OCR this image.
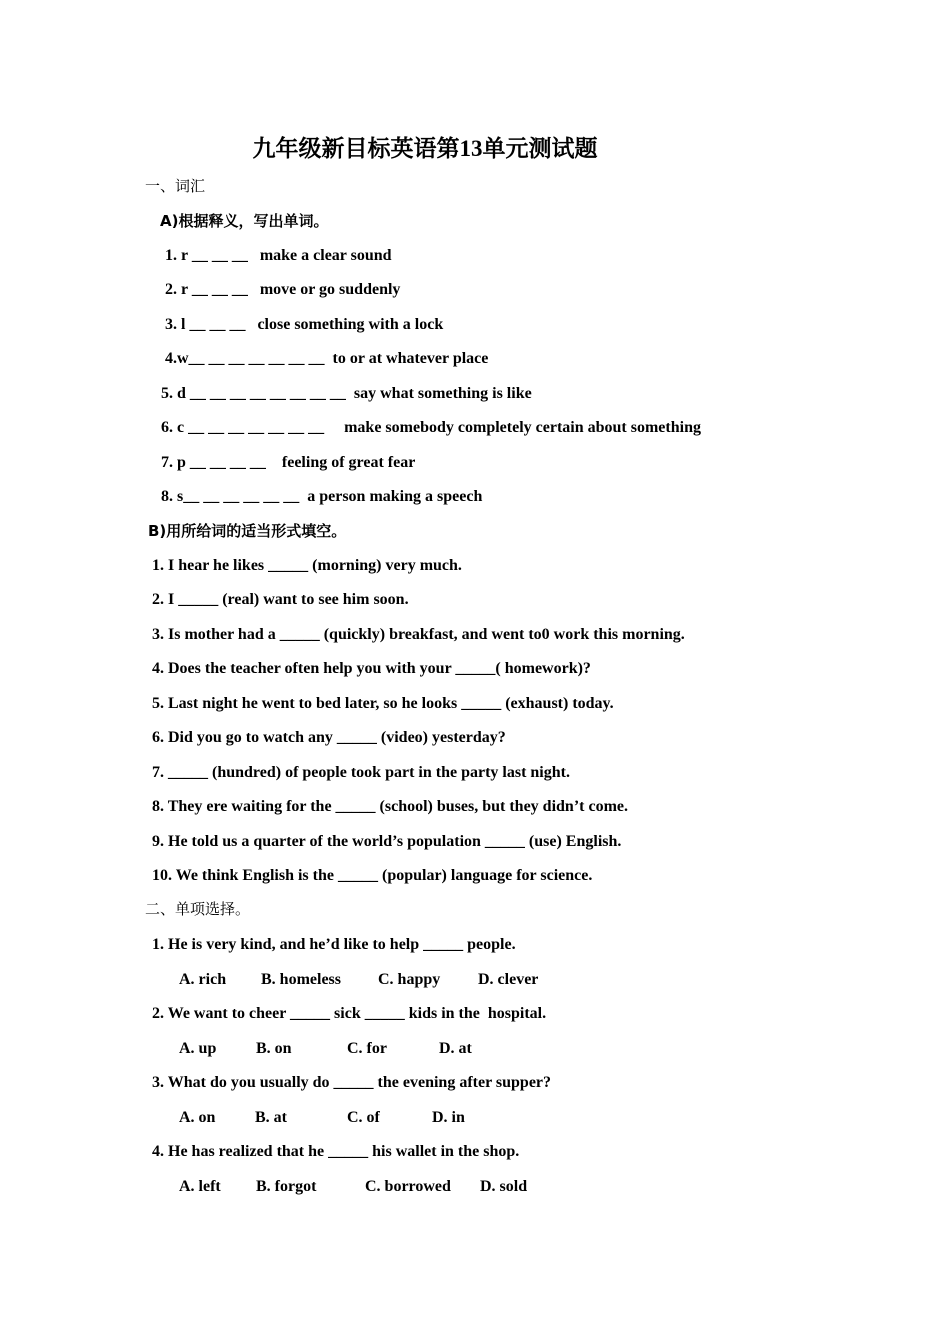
九年级新目标英语第13单元测试题
一、词汇
A)根据释义，写出单词。
1. r __ __ __   make a clear sound
2. r __ __ __   move or go suddenly
3. l __ __ __   close something with a lock
4.w__ __ __ __ __ __ __  to or at whatever place
5. d __ __ __ __ __ __ __ __  say what something is like
6. c __ __ __ __ __ __ __     make somebody completely certain about something
7. p __ __ __ __    feeling of great fear
8. s__ __ __ __ __ __  a person making a speech
B)用所给词的适当形式填空。
1. I hear he likes _____ (morning) very much.
2. I _____ (real) want to see him soon.
3. Is mother had a _____ (quickly) breakfast, and went to0 work this morning.
4. Does the teacher often help you with your _____( homework)?
5. Last night he went to bed later, so he looks _____ (exhaust) today.
6. Did you go to watch any _____ (video) yesterday?
7. _____ (hundred) of people took part in the party last night.
8. They ere waiting for the _____ (school) buses, but they didn’t come.
9. He told us a quarter of the world’s population _____ (use) English.
10. We think English is the _____ (popular) language for science.
二、单项选择。
1. He is very kind, and he’d like to help _____ people.
A. rich B. homeless C. happy D. clever
2. We want to cheer _____ sick _____ kids in the  hospital.
A. up B. on	C. for	D. at
3. What do you usually do _____ the evening after supper?
A. on B. at	C. of	D. in
4. He has realized that he _____ his wallet in the shop.
A. left B. forgot	C. borrowed D. sold
